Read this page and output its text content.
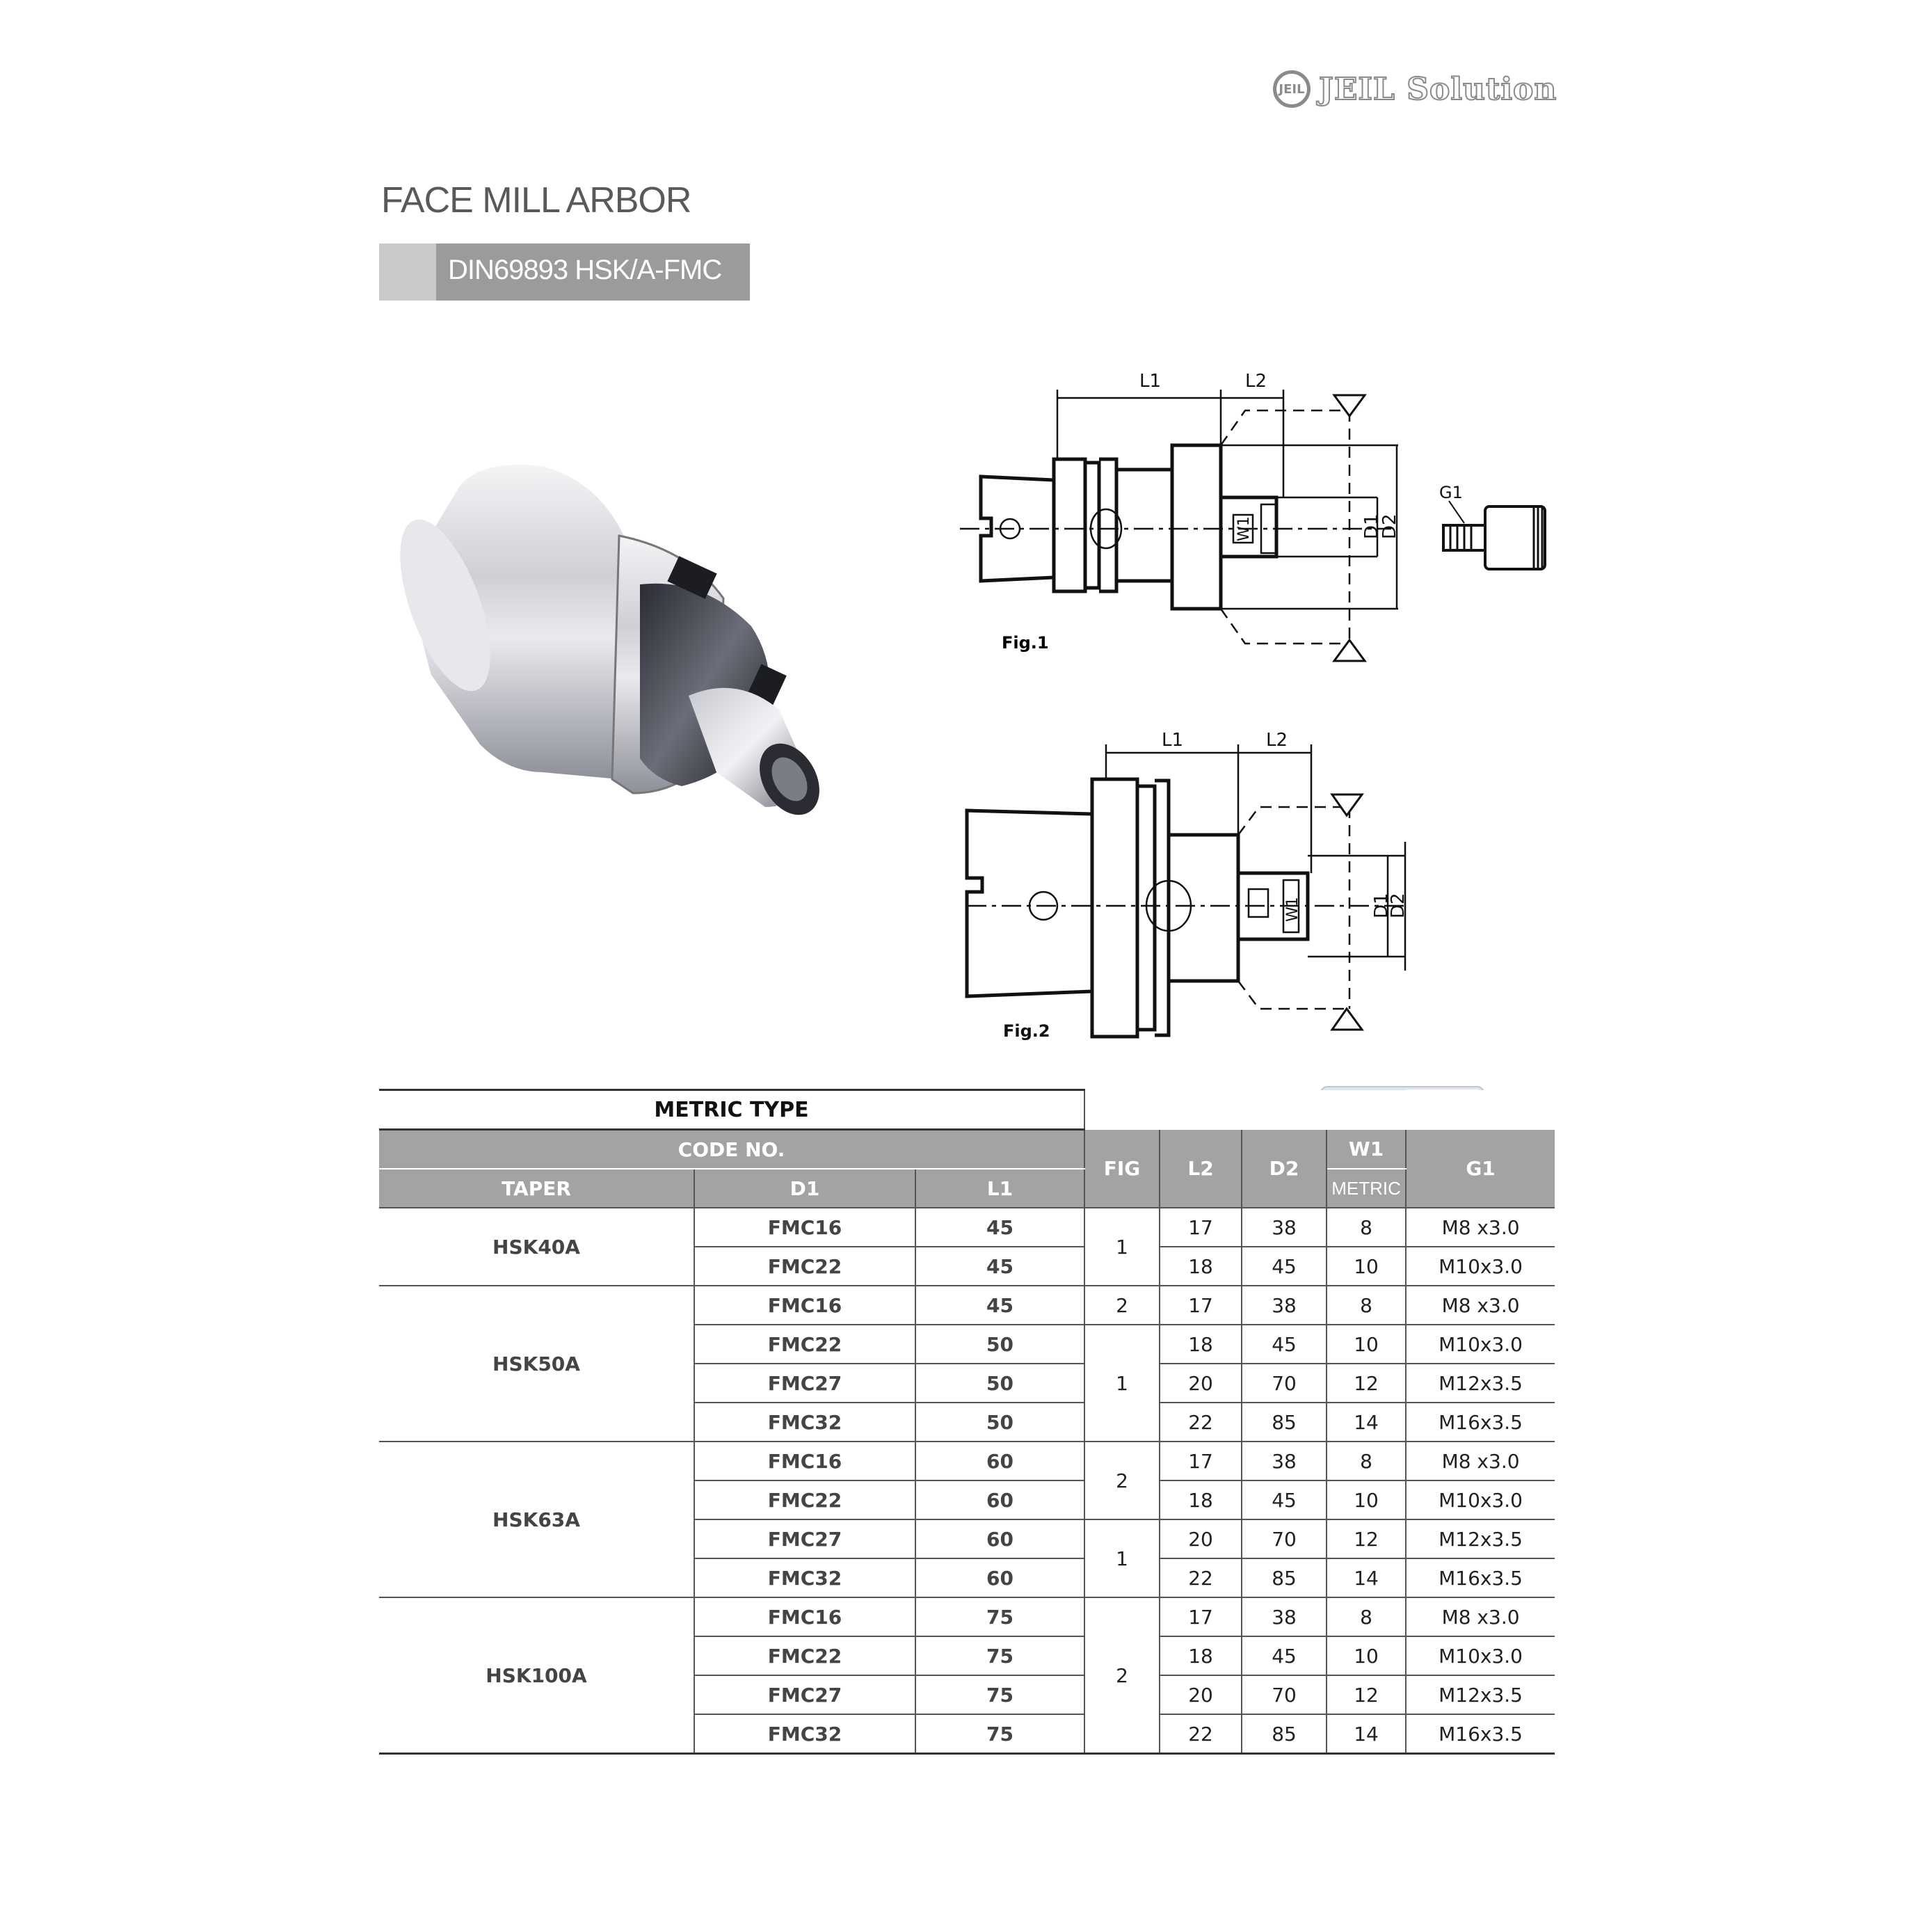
JEIL JEIL Solution
FACE MILL ARBOR
DIN69893 HSK/A-FMC
L1	L2
D1
D2
W1
Fig.1
G1
L1	L2
D1
D2
W1
Fig.2
METRIC TYPE							
CODE NO.			FIG	L2	D2	W1	G1
TAPER	D1	L1				METRIC	
HSK40A	FMC16	45	1	17	38	8	M8 x3.0
	FMC22	45		18	45	10	M10x3.0
HSK50A	FMC16	45	2	17	38	8	M8 x3.0
	FMC22	50	1	18	45	10	M10x3.0
	FMC27	50		20	70	12	M12x3.5
	FMC32	50		22	85	14	M16x3.5
HSK63A	FMC16	60	2	17	38	8	M8 x3.0
	FMC22	60		18	45	10	M10x3.0
	FMC27	60	1	20	70	12	M12x3.5
	FMC32	60		22	85	14	M16x3.5
HSK100A	FMC16	75	2	17	38	8	M8 x3.0
	FMC22	75		18	45	10	M10x3.0
	FMC27	75		20	70	12	M12x3.5
	FMC32	75		22	85	14	M16x3.5
